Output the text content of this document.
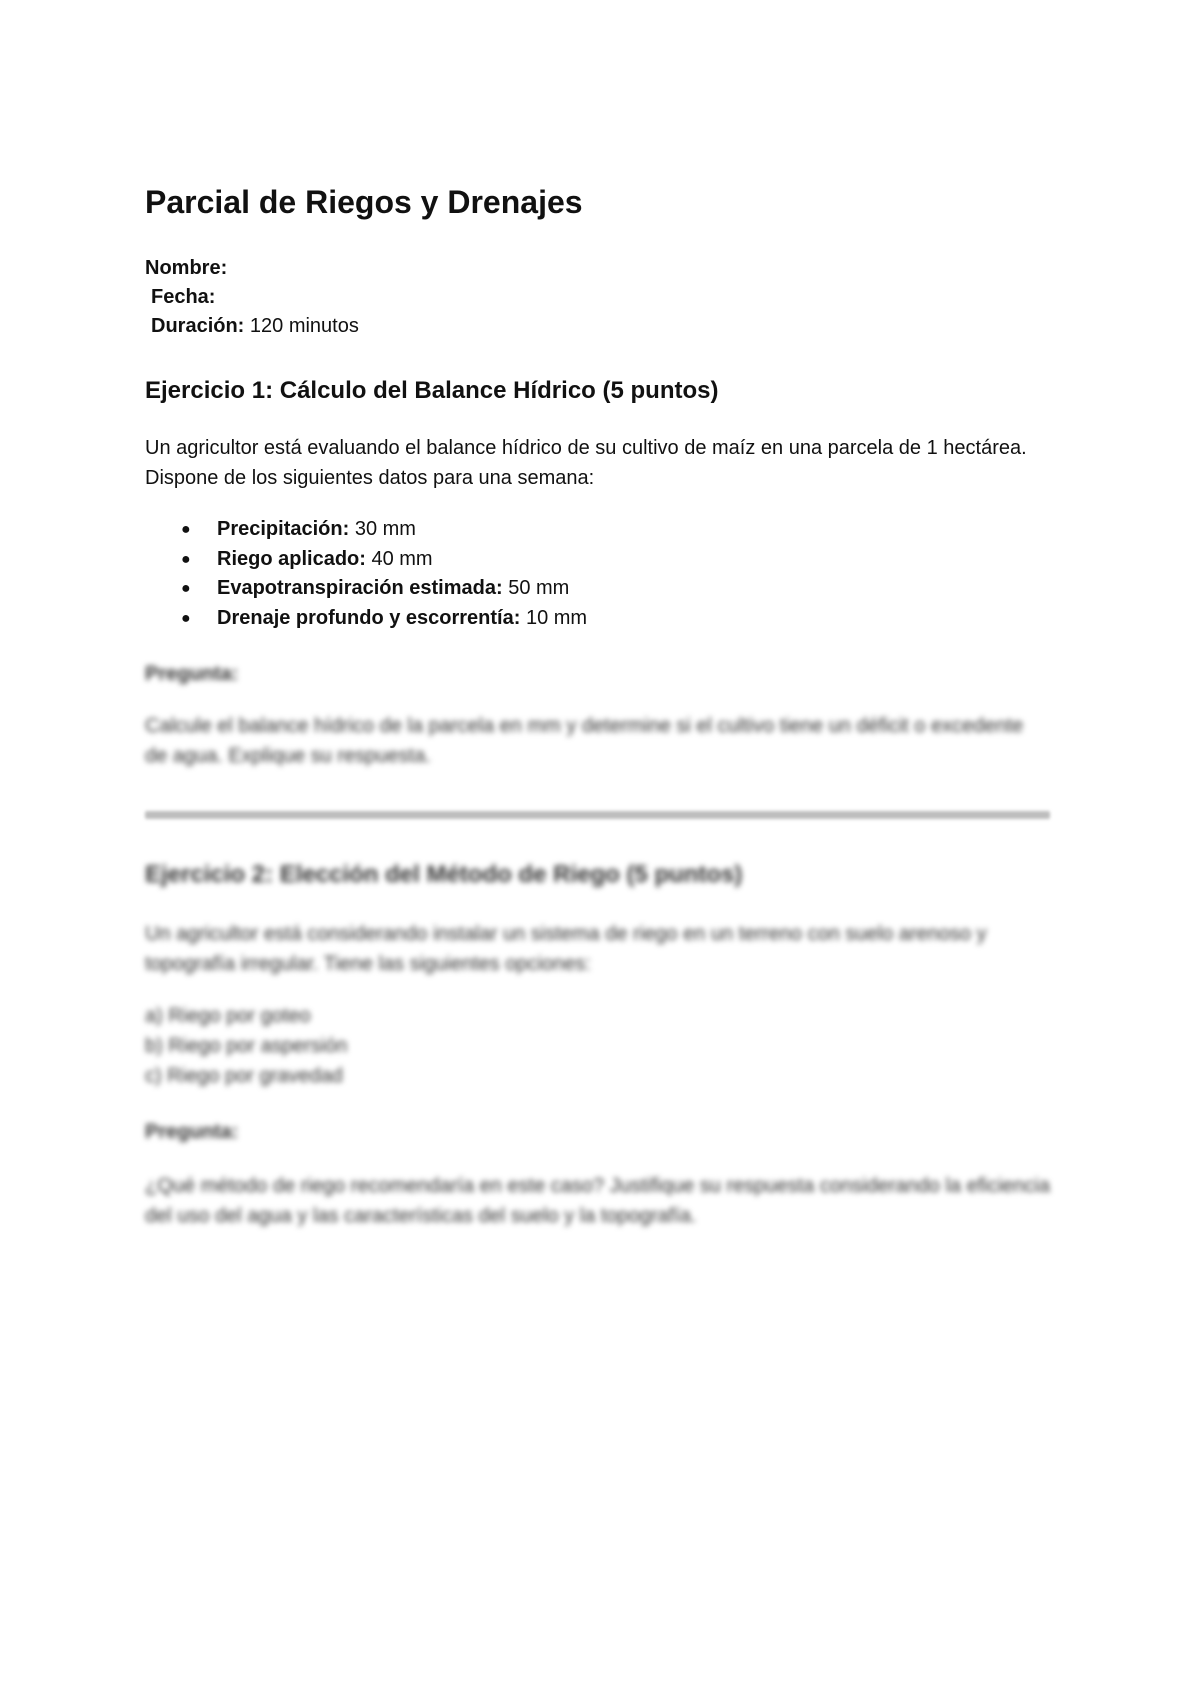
Parcial de Riegos y Drenajes
Nombre:
Fecha:
Duración: 120 minutos
Ejercicio 1: Cálculo del Balance Hídrico (5 puntos)

Un agricultor está evaluando el balance hídrico de su cultivo de maíz en una parcela de 1 hectárea. Dispone de los siguientes datos para una semana:

● Precipitación: 30 mm
● Riego aplicado: 40 mm
● Evapotranspiración estimada: 50 mm
● Drenaje profundo y escorrentía: 10 mm
Pregunta:

Calcule el balance hídrico de la parcela en mm y determine si el cultivo tiene un déficit o excedente de agua. Explique su respuesta.

Ejercicio 2: Elección del Método de Riego (5 puntos)

Un agricultor está considerando instalar un sistema de riego en un terreno con suelo arenoso y topografía irregular. Tiene las siguientes opciones:

a) Riego por goteo
b) Riego por aspersión
c) Riego por gravedad
Pregunta:

¿Qué método de riego recomendaría en este caso? Justifique su respuesta considerando la eficiencia del uso del agua y las características del suelo y la topografía.
